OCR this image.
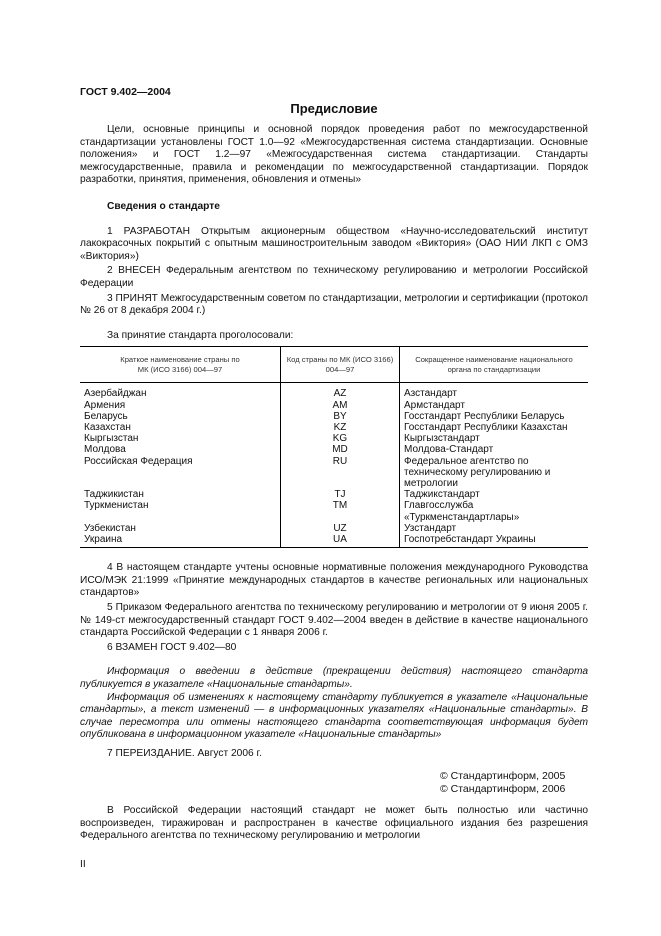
ГОСТ 9.402—2004
Предисловие

Цели, основные принципы и основной порядок проведения работ по межгосударственной стандартизации установлены ГОСТ 1.0—92 «Межгосударственная система стандартизации. Основные положения» и ГОСТ 1.2—97 «Межгосударственная система стандартизации. Стандарты межгосударственные, правила и рекомендации по межгосударственной стандартизации. Порядок разработки, принятия, применения, обновления и отмены»

Сведения о стандарте

1 РАЗРАБОТАН Открытым акционерным обществом «Научно-исследовательский институт лакокрасочных покрытий с опытным машиностроительным заводом «Виктория» (ОАО НИИ ЛКП с ОМЗ «Виктория»)

2 ВНЕСЕН Федеральным агентством по техническому регулированию и метрологии Российской Федерации

3 ПРИНЯТ Межгосударственным советом по стандартизации, метрологии и сертификации (протокол № 26 от 8 декабря 2004 г.)

За принятие стандарта проголосовали:

Краткое наименование страны по МК (ИСО 3166) 004—97	Код страны по МК (ИСО 3166) 004—97	Сокращенное наименование национального органа по стандартизации

Азербайджан	AZ	Азстандарт
Армения	AM	Армстандарт
Беларусь	BY	Госстандарт Республики Беларусь
Казахстан	KZ	Госстандарт Республики Казахстан
Кыргызстан	KG	Кыргызстандарт
Молдова	MD	Молдова-Стандарт
Российская Федерация	RU	Федеральное агентство по техническому регулированию и метрологии
Таджикистан	TJ	Таджикстандарт
Туркменистан	TM	Главгосслужба «Туркменстандартлары»
Узбекистан	UZ	Узстандарт
Украина	UA	Госпотребстандарт Украины

4 В настоящем стандарте учтены основные нормативные положения международного Руководства ИСО/МЭК 21:1999 «Принятие международных стандартов в качестве региональных или национальных стандартов»

5 Приказом Федерального агентства по техническому регулированию и метрологии от 9 июня 2005 г. № 149-ст межгосударственный стандарт ГОСТ 9.402—2004 введен в действие в качестве национального стандарта Российской Федерации с 1 января 2006 г.

6 ВЗАМЕН ГОСТ 9.402—80

Информация о введении в действие (прекращении действия) настоящего стандарта публикуется в указателе «Национальные стандарты».

Информация об изменениях к настоящему стандарту публикуется в указателе «Национальные стандарты», а текст изменений — в информационных указателях «Национальные стандарты». В случае пересмотра или отмены настоящего стандарта соответствующая информация будет опубликована в информационном указателе «Национальные стандарты»

7 ПЕРЕИЗДАНИЕ. Август 2006 г.

© Стандартинформ, 2005
© Стандартинформ, 2006

В Российской Федерации настоящий стандарт не может быть полностью или частично воспроизведен, тиражирован и распространен в качестве официального издания без разрешения Федерального агентства по техническому регулированию и метрологии

II
